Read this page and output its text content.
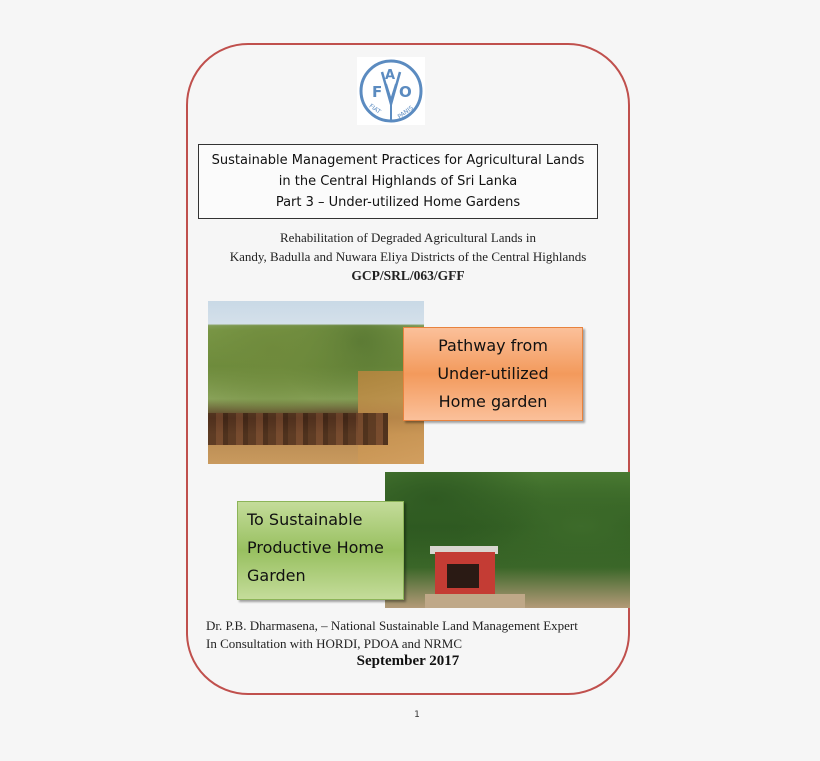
F
A
O
FIAT PANIS
Sustainable Management Practices for Agricultural Lands
in the Central Highlands of Sri Lanka
Part 3 – Under-utilized Home Gardens
Rehabilitation of Degraded Agricultural Lands in
Kandy, Badulla and Nuwara Eliya Districts of the Central Highlands
GCP/SRL/063/GFF
Pathway from
Under-utilized
Home garden
To Sustainable
Productive Home
Garden
Dr. P.B. Dharmasena, – National Sustainable Land Management Expert
In Consultation with HORDI, PDOA and NRMC
September 2017
1
